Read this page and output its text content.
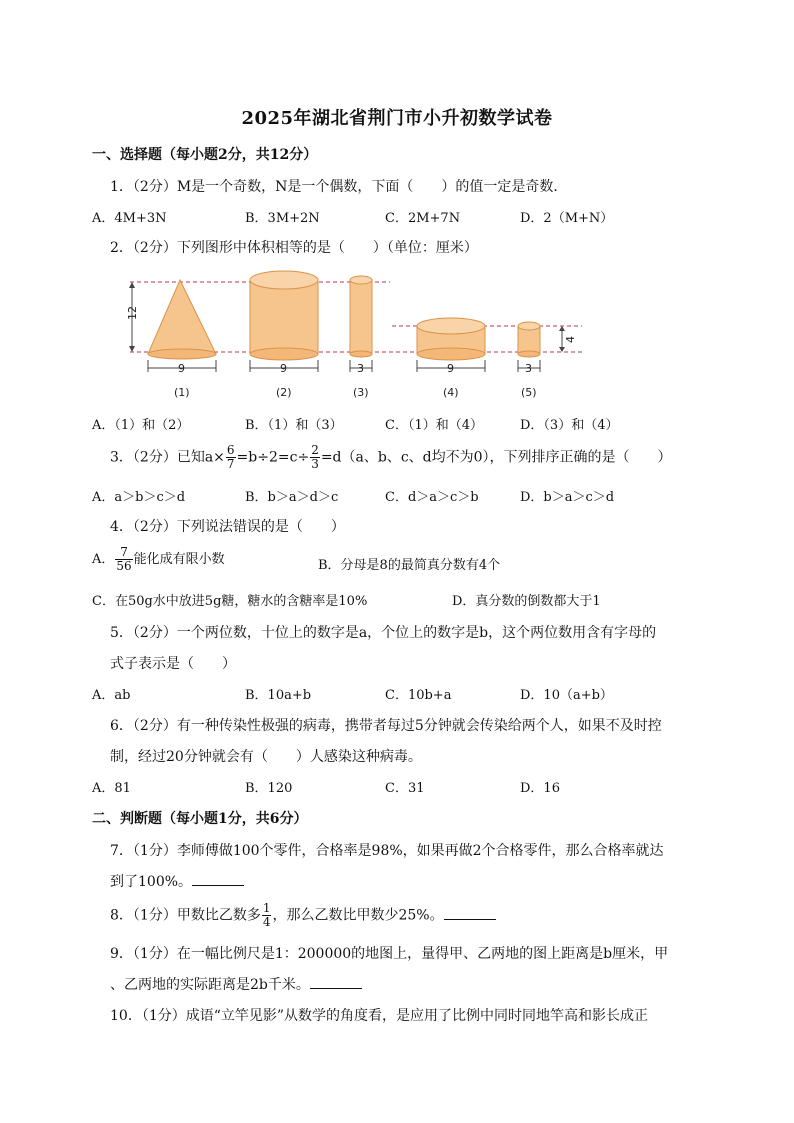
2025年湖北省荆门市小升初数学试卷
一、选择题（每小题2分，共12分）
1．（2分）M是一个奇数，N是一个偶数，下面（　　）的值一定是奇数．
A．4M+3N	B．3M+2N	C．2M+7N	D．2（M+N）
2．（2分）下列图形中体积相等的是（　　）（单位：厘米）
12
9
(1)
9
(2)
3
(3)
9
(4)
3
(5)
4
A．（1）和（2）	B．（1）和（3）	C．（1）和（4）	D．（3）和（4）
3．（2分）已知$a\times \frac{6}{7} =b\div 2=c\div \frac{2}{3} =d(a$、b、c、d均不为0），下列排序正确的是（　　）
A．a＞b＞c＞d	B．b＞a＞d＞c	C．d＞a＞c＞b	D．b＞a＞c＞d
4．（2分）下列说法错误的是（　　）
A． $\frac{7}{56}$ 能化成有限小数	B．分母是8的最简真分数有4个
C．在50g水中放进5g糖，糖水的含糖率是10%	D．真分数的倒数都大于1
5．（2分）一个两位数，十位上的数字是a，个位上的数字是b，这个两位数用含有字母的
式子表示是（　　）
A．ab	B．10a+b	C．10b+a	D．10（a+b）
6．（2分）有一种传染性极强的病毒，携带者每过5分钟就会传染给两个人，如果不及时控
制，经过20分钟就会有（　　）人感染这种病毒。
A．81	B．120	C．31	D．16
二、判断题（每小题1分，共6分）
7．（1分）李师傅做100个零件，合格率是98%，如果再做2个合格零件，那么合格率就达
到了100%。
8．（1分）甲数比乙数多 $\frac{1}{4}$ ，那么乙数比甲数少25%。
9．（1分）在一幅比例尺是1：200000的地图上，量得甲、乙两地的图上距离是b厘米，甲
、乙两地的实际距离是2b千米。
10．（1分）成语“立竿见影”从数学的角度看，是应用了比例中同时同地竿高和影长成正
